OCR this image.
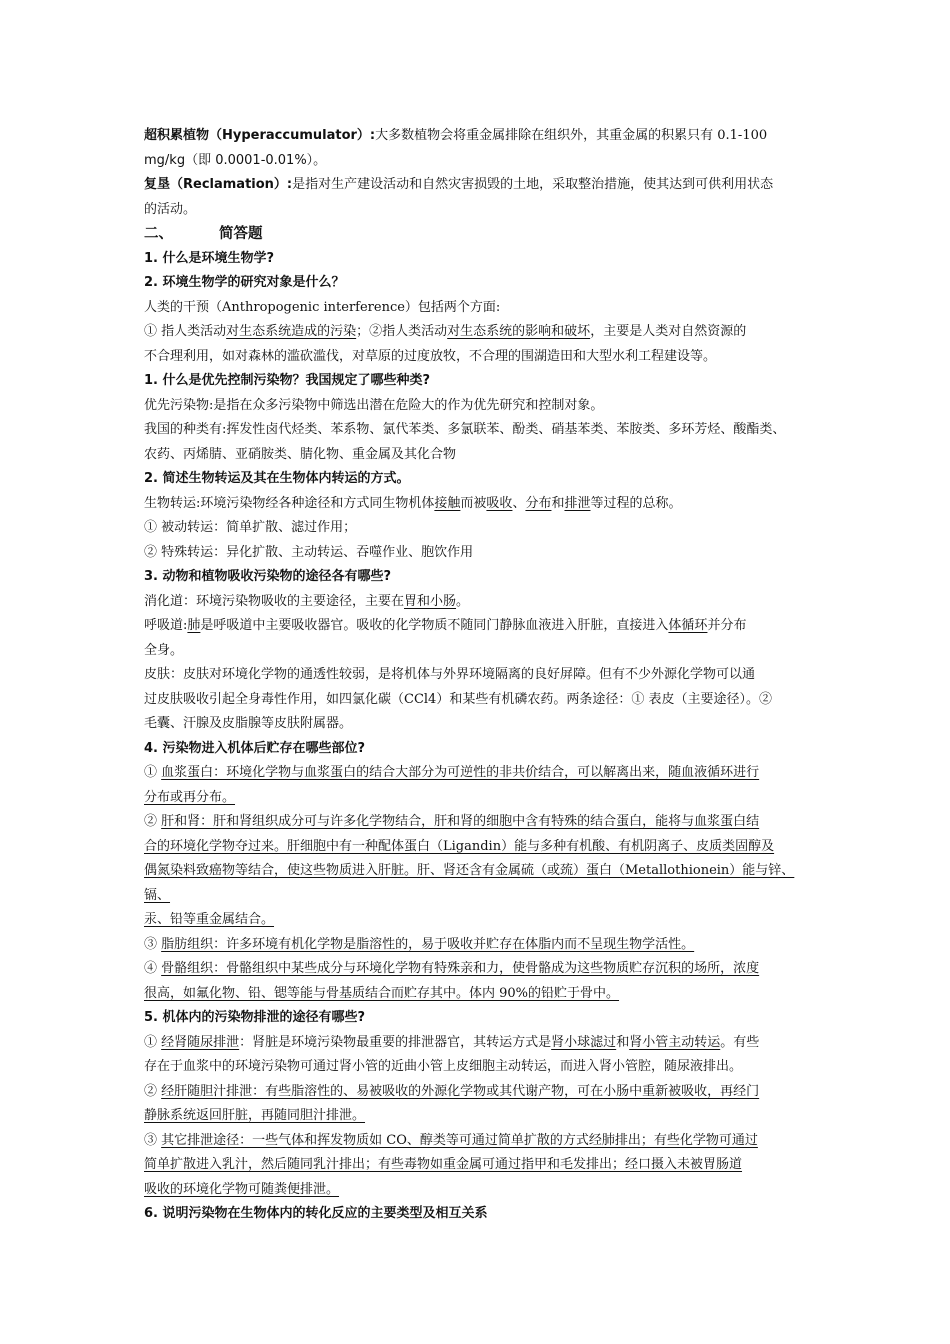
超积累植物（Hyperaccumulator）:大多数植物会将重金属排除在组织外，其重金属的积累只有 0.1-100

mg/kg（即 0.0001-0.01%）。

复垦（Reclamation）:是指对生产建设活动和自然灾害损毁的土地，采取整治措施，使其达到可供利用状态

的活动。

二、	简答题

1. 什么是环境生物学?

2. 环境生物学的研究对象是什么？

人类的干预（Anthropogenic interference）包括两个方面:

① 指人类活动对生态系统造成的污染；②指人类活动对生态系统的影响和破坏，主要是人类对自然资源的

不合理利用，如对森林的滥砍滥伐，对草原的过度放牧，不合理的围湖造田和大型水利工程建设等。

1. 什么是优先控制污染物？我国规定了哪些种类?

优先污染物:是指在众多污染物中筛选出潜在危险大的作为优先研究和控制对象。

我国的种类有:挥发性卤代烃类、苯系物、氯代苯类、多氯联苯、酚类、硝基苯类、苯胺类、多环芳烃、酸酯类、

农药、丙烯腈、亚硝胺类、腈化物、重金属及其化合物

2. 简述生物转运及其在生物体内转运的方式。

生物转运:环境污染物经各种途径和方式同生物机体接触而被吸收、分布和排泄等过程的总称。

① 被动转运：简单扩散、滤过作用；

② 特殊转运：异化扩散、主动转运、吞噬作业、胞饮作用

3. 动物和植物吸收污染物的途径各有哪些?

消化道：环境污染物吸收的主要途径，主要在胃和小肠。

呼吸道:肺是呼吸道中主要吸收器官。吸收的化学物质不随同门静脉血液进入肝脏，直接进入体循环并分布

全身。

皮肤：皮肤对环境化学物的通透性较弱，是将机体与外界环境隔离的良好屏障。但有不少外源化学物可以通

过皮肤吸收引起全身毒性作用，如四氯化碳（CCl4）和某些有机磷农药。两条途径：① 表皮（主要途径）。②

毛囊、汗腺及皮脂腺等皮肤附属器。

4. 污染物进入机体后贮存在哪些部位?

① 血浆蛋白：环境化学物与血浆蛋白的结合大部分为可逆性的非共价结合，可以解离出来，随血液循环进行

分布或再分布。

② 肝和肾：肝和肾组织成分可与许多化学物结合，肝和肾的细胞中含有特殊的结合蛋白，能将与血浆蛋白结

合的环境化学物夺过来。肝细胞中有一种配体蛋白（Ligandin）能与多种有机酸、有机阴离子、皮质类固醇及

偶氮染料致癌物等结合，使这些物质进入肝脏。肝、肾还含有金属硫（或巯）蛋白（Metallothionein）能与锌、镉、

汞、铅等重金属结合。

③ 脂肪组织：许多环境有机化学物是脂溶性的，易于吸收并贮存在体脂内而不呈现生物学活性。

④ 骨骼组织：骨骼组织中某些成分与环境化学物有特殊亲和力，使骨骼成为这些物质贮存沉积的场所，浓度

很高，如氟化物、铅、锶等能与骨基质结合而贮存其中。体内 90%的铅贮于骨中。

5. 机体内的污染物排泄的途径有哪些?

① 经肾随尿排泄：肾脏是环境污染物最重要的排泄器官，其转运方式是肾小球滤过和肾小管主动转运。有些

存在于血浆中的环境污染物可通过肾小管的近曲小管上皮细胞主动转运，而进入肾小管腔，随尿液排出。

② 经肝随胆汁排泄：有些脂溶性的、易被吸收的外源化学物或其代谢产物，可在小肠中重新被吸收，再经门

静脉系统返回肝脏，再随同胆汁排泄。

③ 其它排泄途径：一些气体和挥发物质如 CO、醇类等可通过简单扩散的方式经肺排出；有些化学物可通过

简单扩散进入乳汁，然后随同乳汁排出；有些毒物如重金属可通过指甲和毛发排出；经口摄入未被胃肠道

吸收的环境化学物可随粪便排泄。

6. 说明污染物在生物体内的转化反应的主要类型及相互关系
